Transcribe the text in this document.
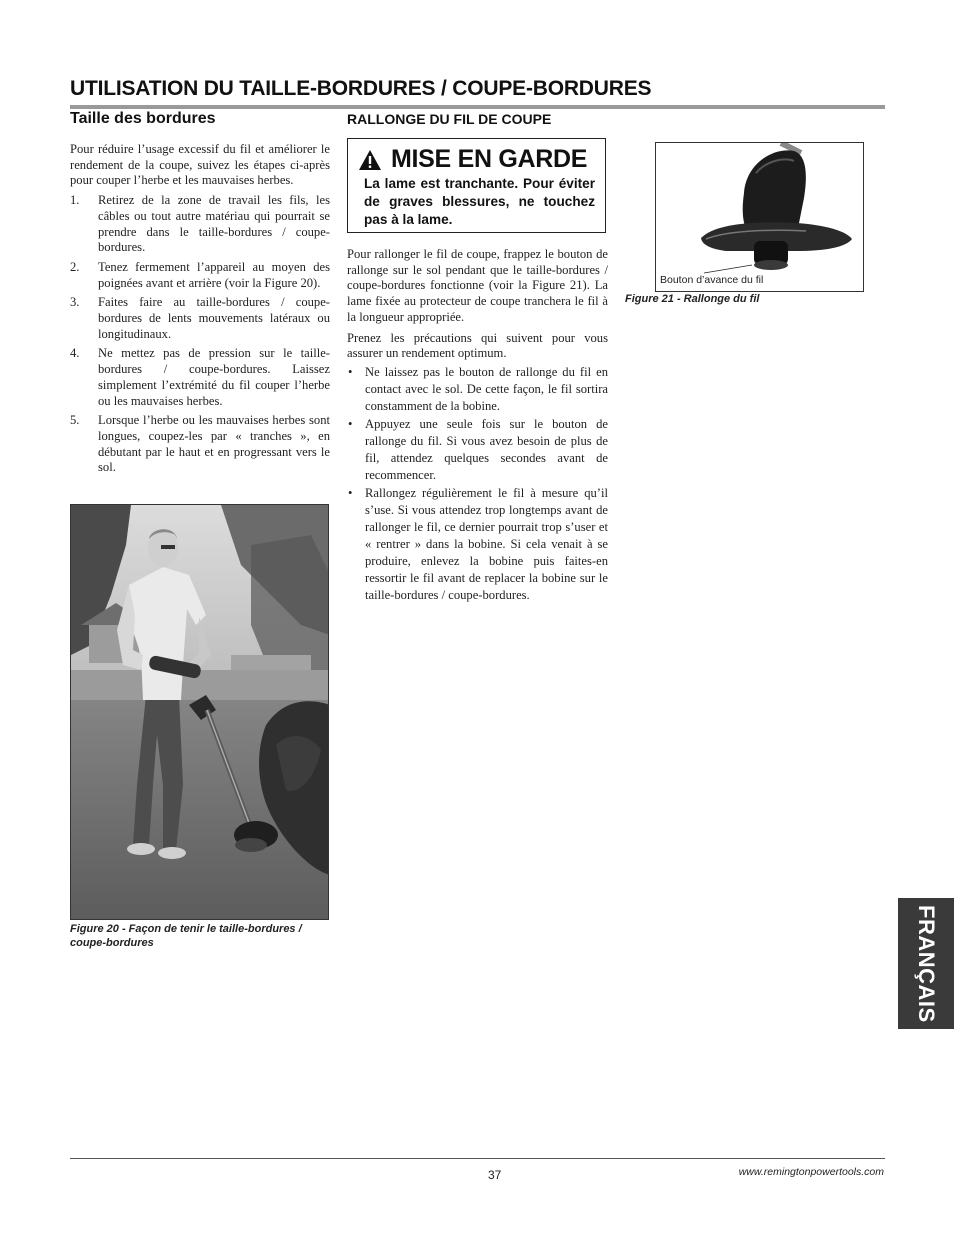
UTILISATION DU TAILLE-BORDURES / COUPE-BORDURES
Taille des bordures

Pour réduire l’usage excessif du fil et améliorer le rendement de la coupe, suivez les étapes ci-après pour couper l’herbe et les mauvaises herbes.

1. Retirez de la zone de travail les fils, les câbles ou tout autre matériau qui pourrait se prendre dans le taille-bordures / coupe-bordures.
2. Tenez fermement l’appareil au moyen des poignées avant et arrière (voir la Figure 20).
3. Faites faire au taille-bordures / coupe-bordures de lents mouvements latéraux ou longitudinaux.
4. Ne mettez pas de pression sur le taille-bordures / coupe-bordures. Laissez simplement l’extrémité du fil couper l’herbe ou les mauvaises herbes.
5. Lorsque l’herbe ou les mauvaises herbes sont longues, coupez-les par « tranches », en débutant par le haut et en progressant vers le sol.
Figure 20 - Façon de tenir le taille-bordures / coupe-bordures
MISE EN GARDE
La lame est tranchante. Pour éviter de graves blessures, ne touchez pas à la lame.
RALLONGE DU FIL DE COUPE

Pour rallonger le fil de coupe, frappez le bouton de rallonge sur le sol pendant que le taille-bordures / coupe-bordures fonctionne (voir la Figure 21). La lame fixée au protecteur de coupe tranchera le fil à la longueur appropriée.

Prenez les précautions qui suivent pour vous assurer un rendement optimum.

• Ne laissez pas le bouton de rallonge du fil en contact avec le sol. De cette façon, le fil sortira constamment de la bobine.
• Appuyez une seule fois sur le bouton de rallonge du fil. Si vous avez besoin de plus de fil, attendez quelques secondes avant de recommencer.
• Rallongez régulièrement le fil à mesure qu’il s’use. Si vous attendez trop longtemps avant de rallonger le fil, ce dernier pourrait trop s’user et « rentrer » dans la bobine. Si cela venait à se produire, enlevez la bobine puis faites-en ressortir le fil avant de replacer la bobine sur le taille-bordures / coupe-bordures.
Bouton d’avance du fil
Figure 21 - Rallonge du fil
FRANÇAIS
37	www.remingtonpowertools.com
